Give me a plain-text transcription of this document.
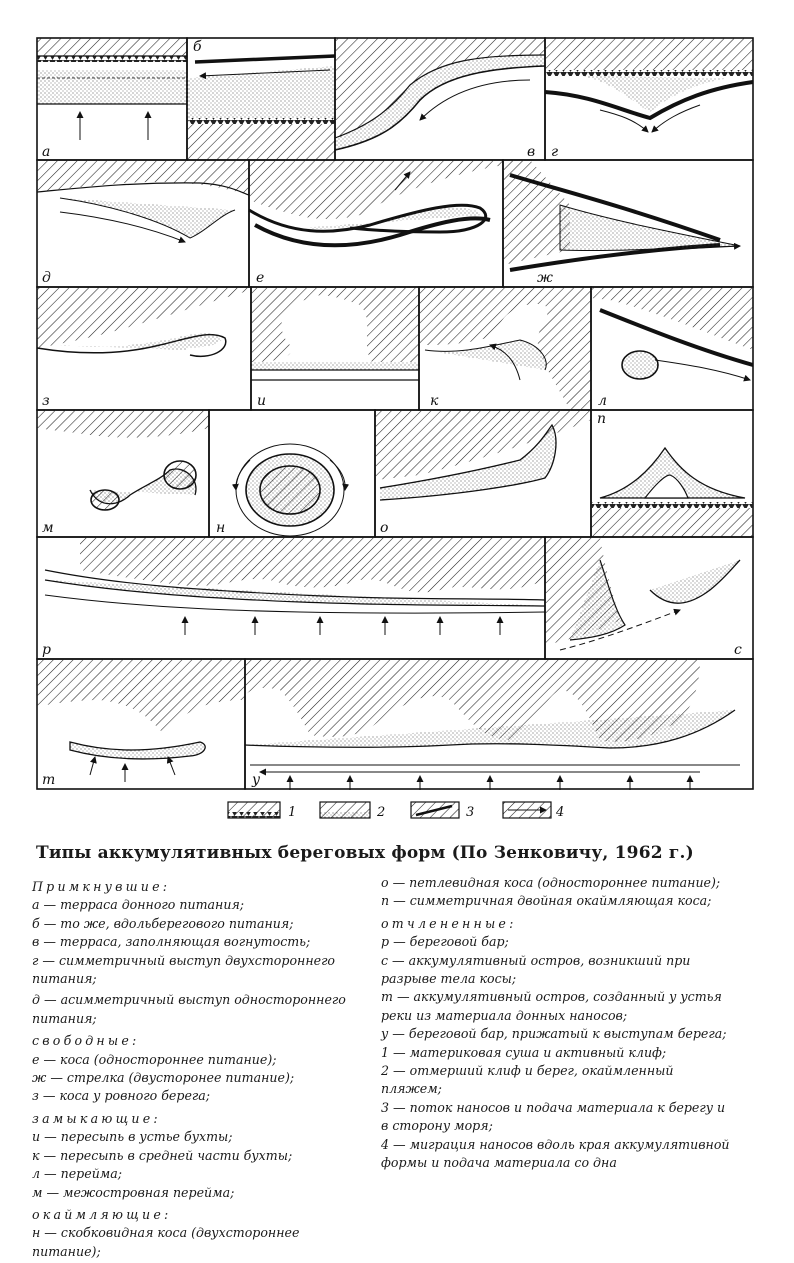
а
б
в г
д	е	ж
з	и	к	л
м	н	о
п
р	с
т	у
1	2	3	4
Типы аккумулятивных береговых форм (По Зенковичу, 1962 г.)
Примкнувшие:
а — терраса донного питания;
б — то же, вдольберегового питания;
в — терраса, заполняющая вогнутость;
г — симметричный выступ двухстороннего питания;
д — асимметричный выступ одностороннего питания;
свободные:
е — коса (одностороннее питание);
ж — стрелка (двусторонее питание);
з — коса у ровного берега;
замыкающие:
и — пересыпь в устье бухты;
к — пересыпь в средней части бухты;
л — перейма;
м — межостровная перейма;
окаймляющие:
н — скобковидная коса (двухстороннее питание);
о — петлевидная коса (одностороннее питание);
п — симметричная двойная окаймляющая коса;
отчлененные:
р — береговой бар;
с — аккумулятивный остров, возникший при разрыве тела косы;
т — аккумулятивный остров, созданный у устья реки из материала донных наносов;
у — береговой бар, прижатый к выступам берега;
1 — материковая суша и активный клиф;
2 — отмерший клиф и берег, окаймленный пляжем;
3 — поток наносов и подача материала к берегу и в сторону моря;
4 — миграция наносов вдоль края аккумулятивной формы и подача материала со дна
